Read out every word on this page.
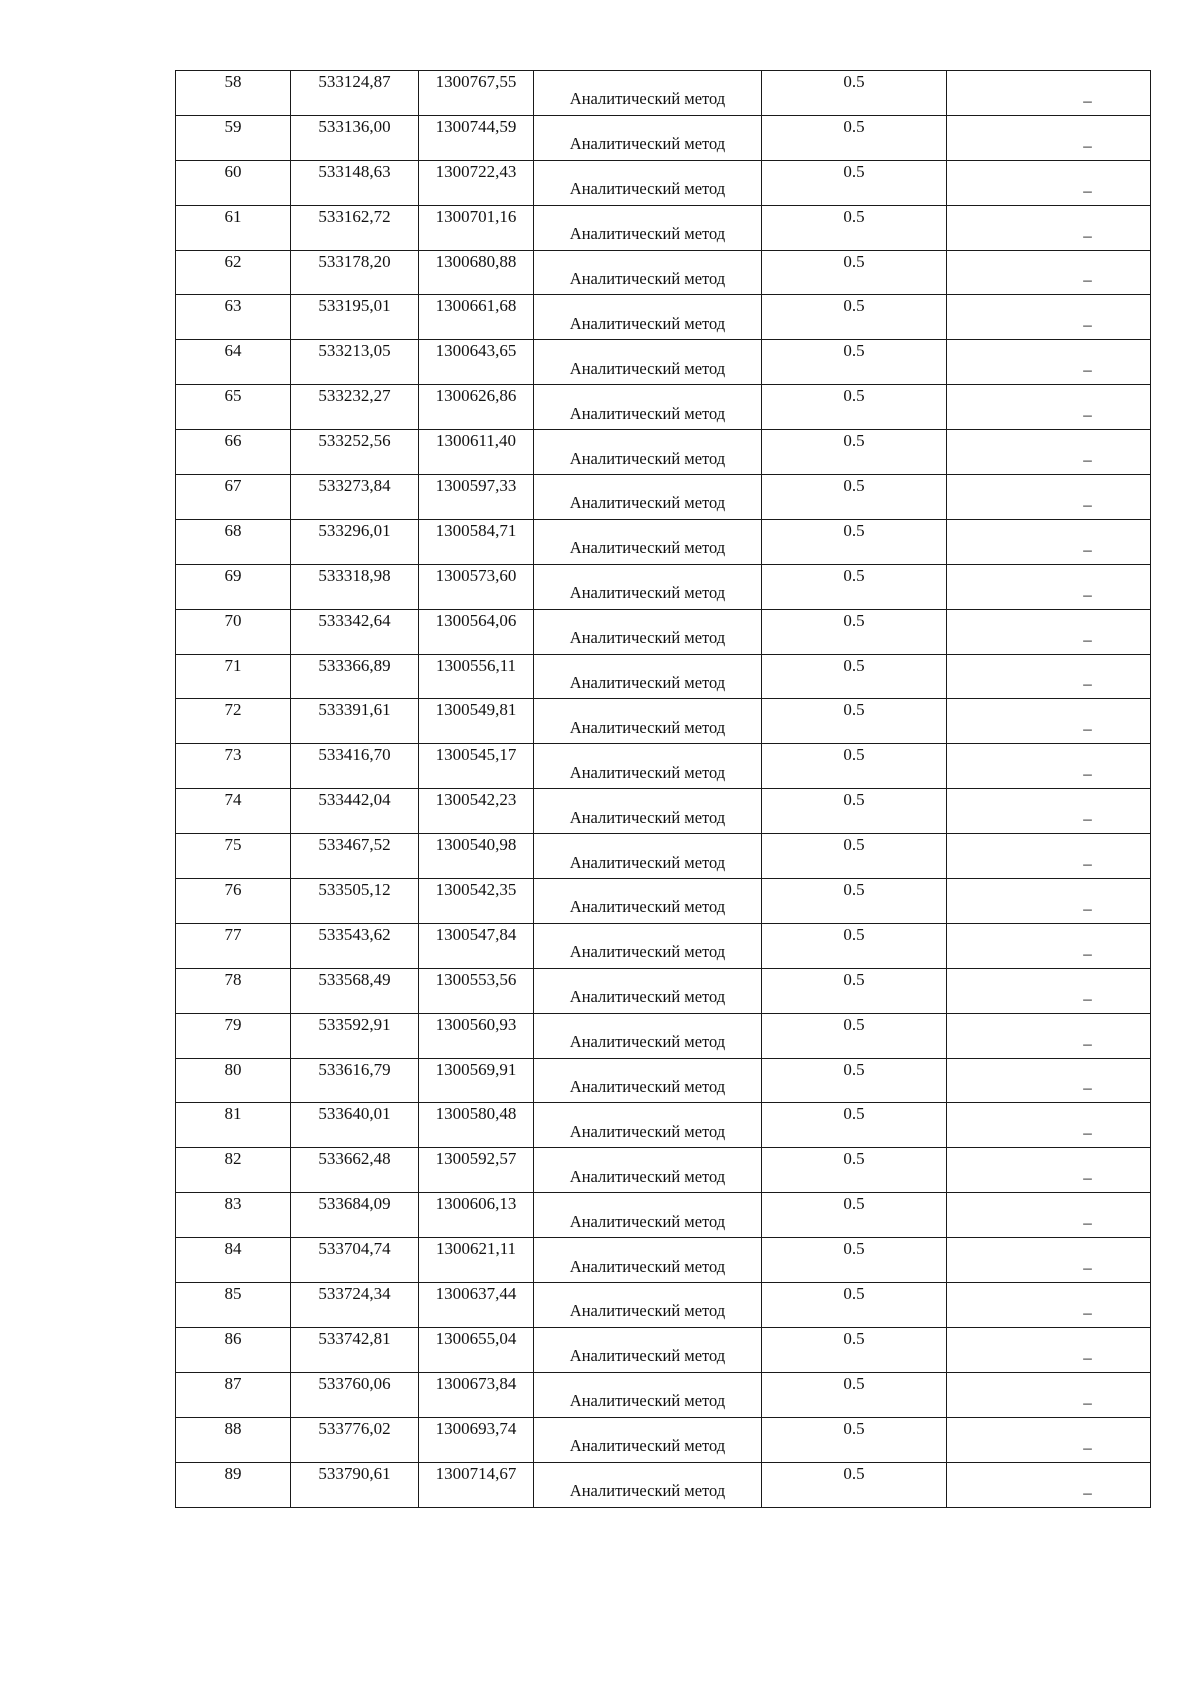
58	533124,87	1300767,55	Аналитический метод	0.5	–
59	533136,00	1300744,59	Аналитический метод	0.5	–
60	533148,63	1300722,43	Аналитический метод	0.5	–
61	533162,72	1300701,16	Аналитический метод	0.5	–
62	533178,20	1300680,88	Аналитический метод	0.5	–
63	533195,01	1300661,68	Аналитический метод	0.5	–
64	533213,05	1300643,65	Аналитический метод	0.5	–
65	533232,27	1300626,86	Аналитический метод	0.5	–
66	533252,56	1300611,40	Аналитический метод	0.5	–
67	533273,84	1300597,33	Аналитический метод	0.5	–
68	533296,01	1300584,71	Аналитический метод	0.5	–
69	533318,98	1300573,60	Аналитический метод	0.5	–
70	533342,64	1300564,06	Аналитический метод	0.5	–
71	533366,89	1300556,11	Аналитический метод	0.5	–
72	533391,61	1300549,81	Аналитический метод	0.5	–
73	533416,70	1300545,17	Аналитический метод	0.5	–
74	533442,04	1300542,23	Аналитический метод	0.5	–
75	533467,52	1300540,98	Аналитический метод	0.5	–
76	533505,12	1300542,35	Аналитический метод	0.5	–
77	533543,62	1300547,84	Аналитический метод	0.5	–
78	533568,49	1300553,56	Аналитический метод	0.5	–
79	533592,91	1300560,93	Аналитический метод	0.5	–
80	533616,79	1300569,91	Аналитический метод	0.5	–
81	533640,01	1300580,48	Аналитический метод	0.5	–
82	533662,48	1300592,57	Аналитический метод	0.5	–
83	533684,09	1300606,13	Аналитический метод	0.5	–
84	533704,74	1300621,11	Аналитический метод	0.5	–
85	533724,34	1300637,44	Аналитический метод	0.5	–
86	533742,81	1300655,04	Аналитический метод	0.5	–
87	533760,06	1300673,84	Аналитический метод	0.5	–
88	533776,02	1300693,74	Аналитический метод	0.5	–
89	533790,61	1300714,67	Аналитический метод	0.5	–
